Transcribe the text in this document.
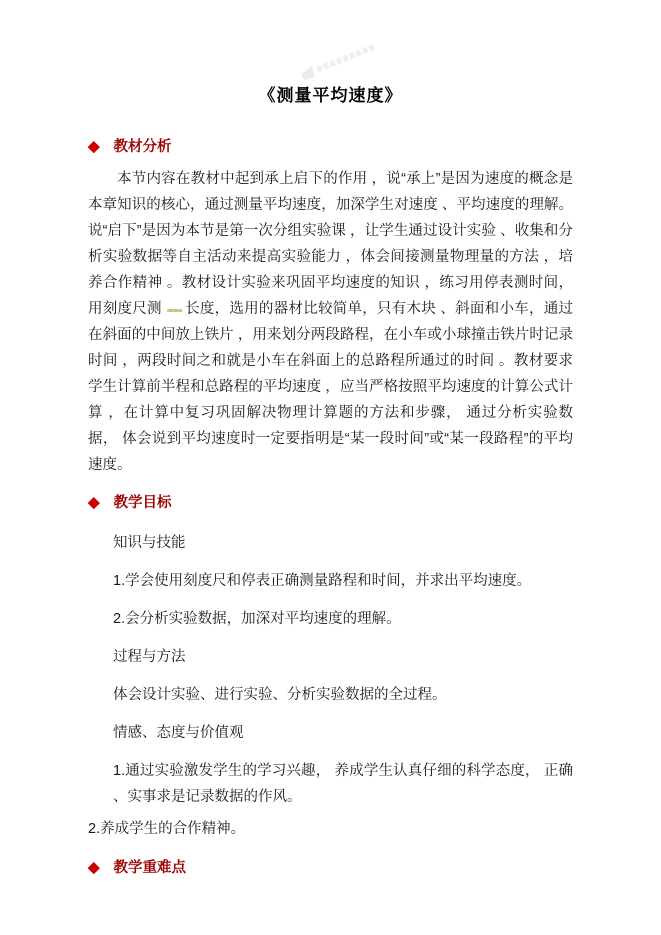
《测量平均速度》
◆ 教材分析

本节内容在教材中起到承上启下的作用 ，说“承上”是因为速度的概念是本章知识的核心，通过测量平均速度，加深学生对速度 、平均速度的理解。说“启下”是因为本节是第一次分组实验课 ，让学生通过设计实验 、收集和分析实验数据等自主活动来提高实验能力 ，体会间接测量物理量的方法 ，培养合作精神 。教材设计实验来巩固平均速度的知识 ，练习用停表测时间，用刻度尺测 长度，选用的器材比较简单，只有木块 、斜面和小车，通过在斜面的中间放上铁片 ，用来划分两段路程，在小车或小球撞击铁片时记录时间 ，两段时间之和就是小车在斜面上的总路程所通过的时间 。教材要求学生计算前半程和总路程的平均速度 ，应当严格按照平均速度的计算公式计算 ，在计算中复习巩固解决物理计算题的方法和步骤， 通过分析实验数据， 体会说到平均速度时一定要指明是“某一段时间”或“某一段路程”的平均速度。

◆ 教学目标
知识与技能
1.学会使用刻度尺和停表正确测量路程和时间，并求出平均速度。
2.会分析实验数据，加深对平均速度的理解。
过程与方法
体会设计实验、进行实验、分析实验数据的全过程。
情感、态度与价值观
1.通过实验激发学生的学习兴趣， 养成学生认真仔细的科学态度， 正确 、实事求是记录数据的作风。
2.养成学生的合作精神。
◆ 教学重难点
